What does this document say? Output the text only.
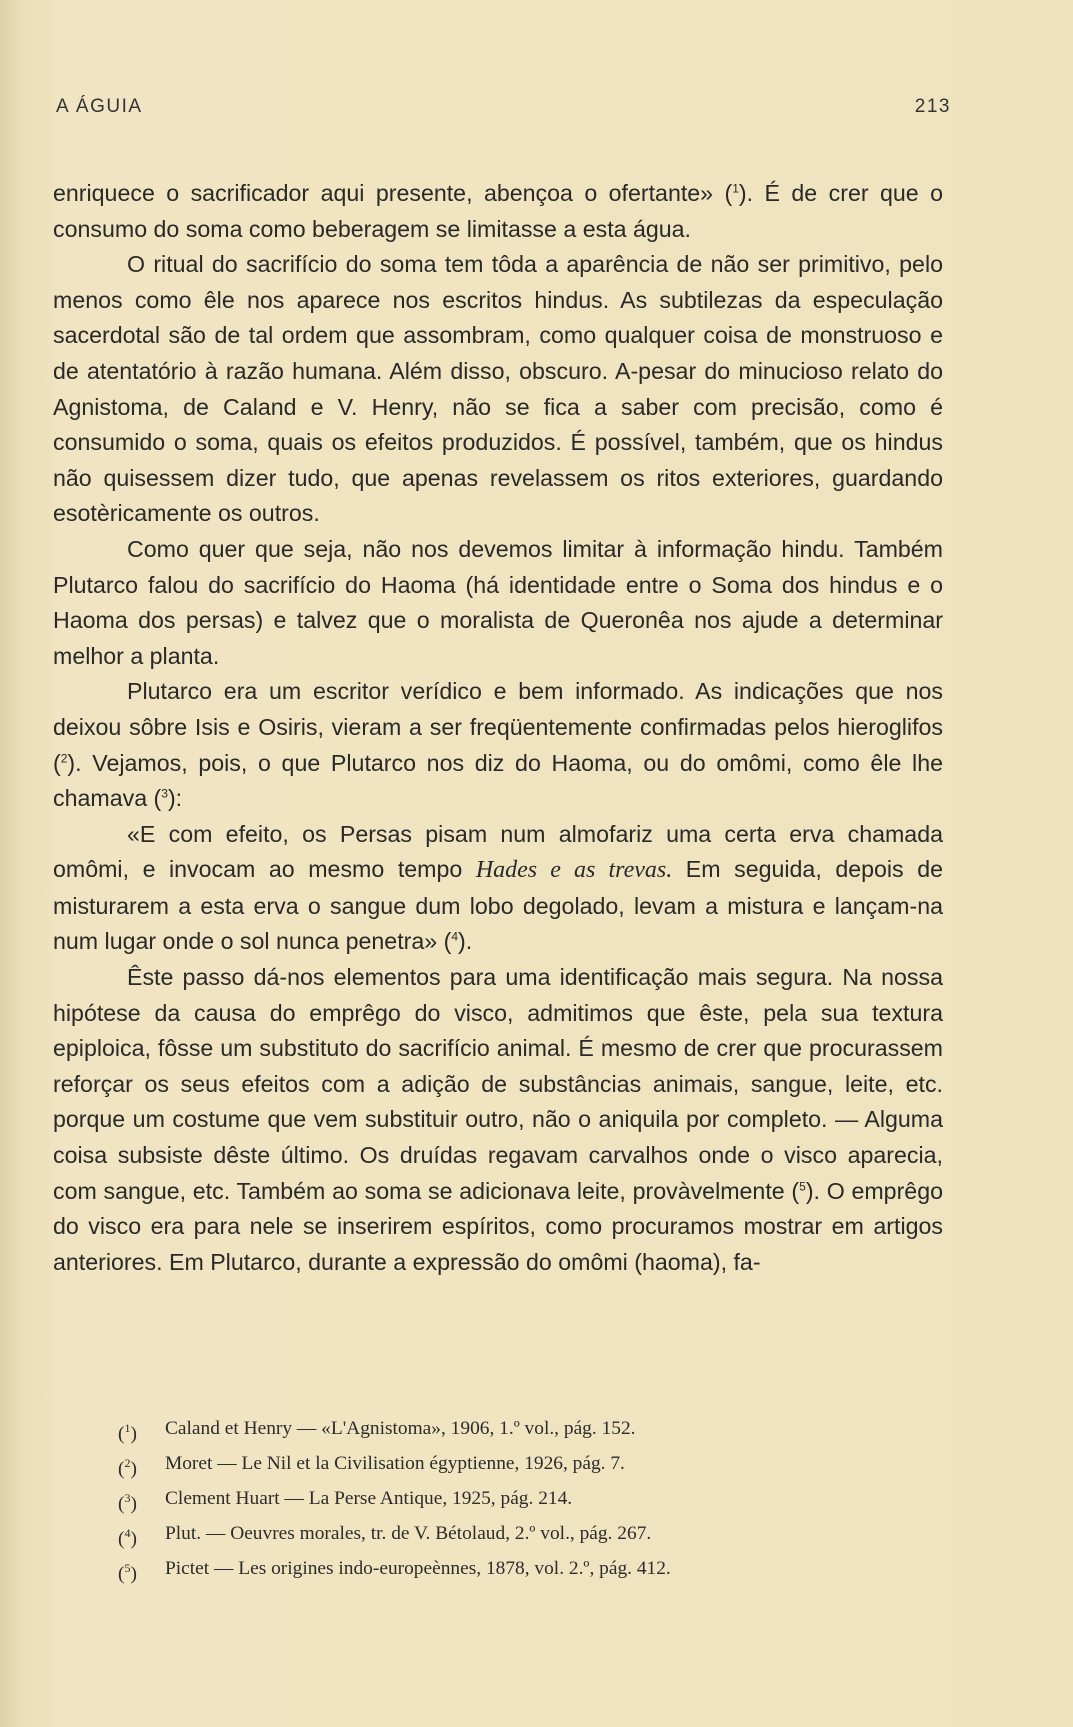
A ÁGUIA	213

enriquece o sacrificador aqui presente, abençoa o ofertante» ($^1$). É de crer que o consumo do soma como beberagem se limitasse a esta água.

O ritual do sacrifício do soma tem tôda a aparência de não ser primitivo, pelo menos como êle nos aparece nos escritos hindus. As subtilezas da especulação sacerdotal são de tal ordem que assombram, como qualquer coisa de monstruoso e de atentatório à razão humana. Além disso, obscuro. A-pesar do minucioso relato do Agnistoma, de Caland e V. Henry, não se fica a saber com precisão, como é consumido o soma, quais os efeitos produzidos. É possível, também, que os hindus não quisessem dizer tudo, que apenas revelassem os ritos exteriores, guardando esotèricamente os outros.

Como quer que seja, não nos devemos limitar à informação hindu. Também Plutarco falou do sacrifício do Haoma (há identidade entre o Soma dos hindus e o Haoma dos persas) e talvez que o moralista de Queronêa nos ajude a determinar melhor a planta.

Plutarco era um escritor verídico e bem informado. As indicações que nos deixou sôbre Isis e Osiris, vieram a ser freqüentemente confirmadas pelos hieroglifos ($^2$). Vejamos, pois, o que Plutarco nos diz do Haoma, ou do omômi, como êle lhe chamava ($^3$):

«E com efeito, os Persas pisam num almofariz uma certa erva chamada omômi, e invocam ao mesmo tempo Hades e as trevas. Em seguida, depois de misturarem a esta erva o sangue dum lobo degolado, levam a mistura e lançam-na num lugar onde o sol nunca penetra» ($^4$).

Êste passo dá-nos elementos para uma identificação mais segura. Na nossa hipótese da causa do emprêgo do visco, admitimos que êste, pela sua textura epiploica, fôsse um substituto do sacrifício animal. É mesmo de crer que procurassem reforçar os seus efeitos com a adição de substâncias animais, sangue, leite, etc. porque um costume que vem substituir outro, não o aniquila por completo. — Alguma coisa subsiste dêste último. Os druídas regavam carvalhos onde o visco aparecia, com sangue, etc. Também ao soma se adicionava leite, provàvelmente ($^5$). O emprêgo do visco era para nele se inserirem espíritos, como procuramos mostrar em artigos anteriores. Em Plutarco, durante a expressão do omômi (haoma), fa-

($^1$)	Caland et Henry — «L'Agnistoma», 1906, 1.º vol., pág. 152.
($^2$)	Moret — Le Nil et la Civilisation égyptienne, 1926, pág. 7.
($^3$)	Clement Huart — La Perse Antique, 1925, pág. 214.
($^4$)	Plut. — Oeuvres morales, tr. de V. Bétolaud, 2.º vol., pág. 267.
($^5$)	Pictet — Les origines indo-europeènnes, 1878, vol. 2.º, pág. 412.
